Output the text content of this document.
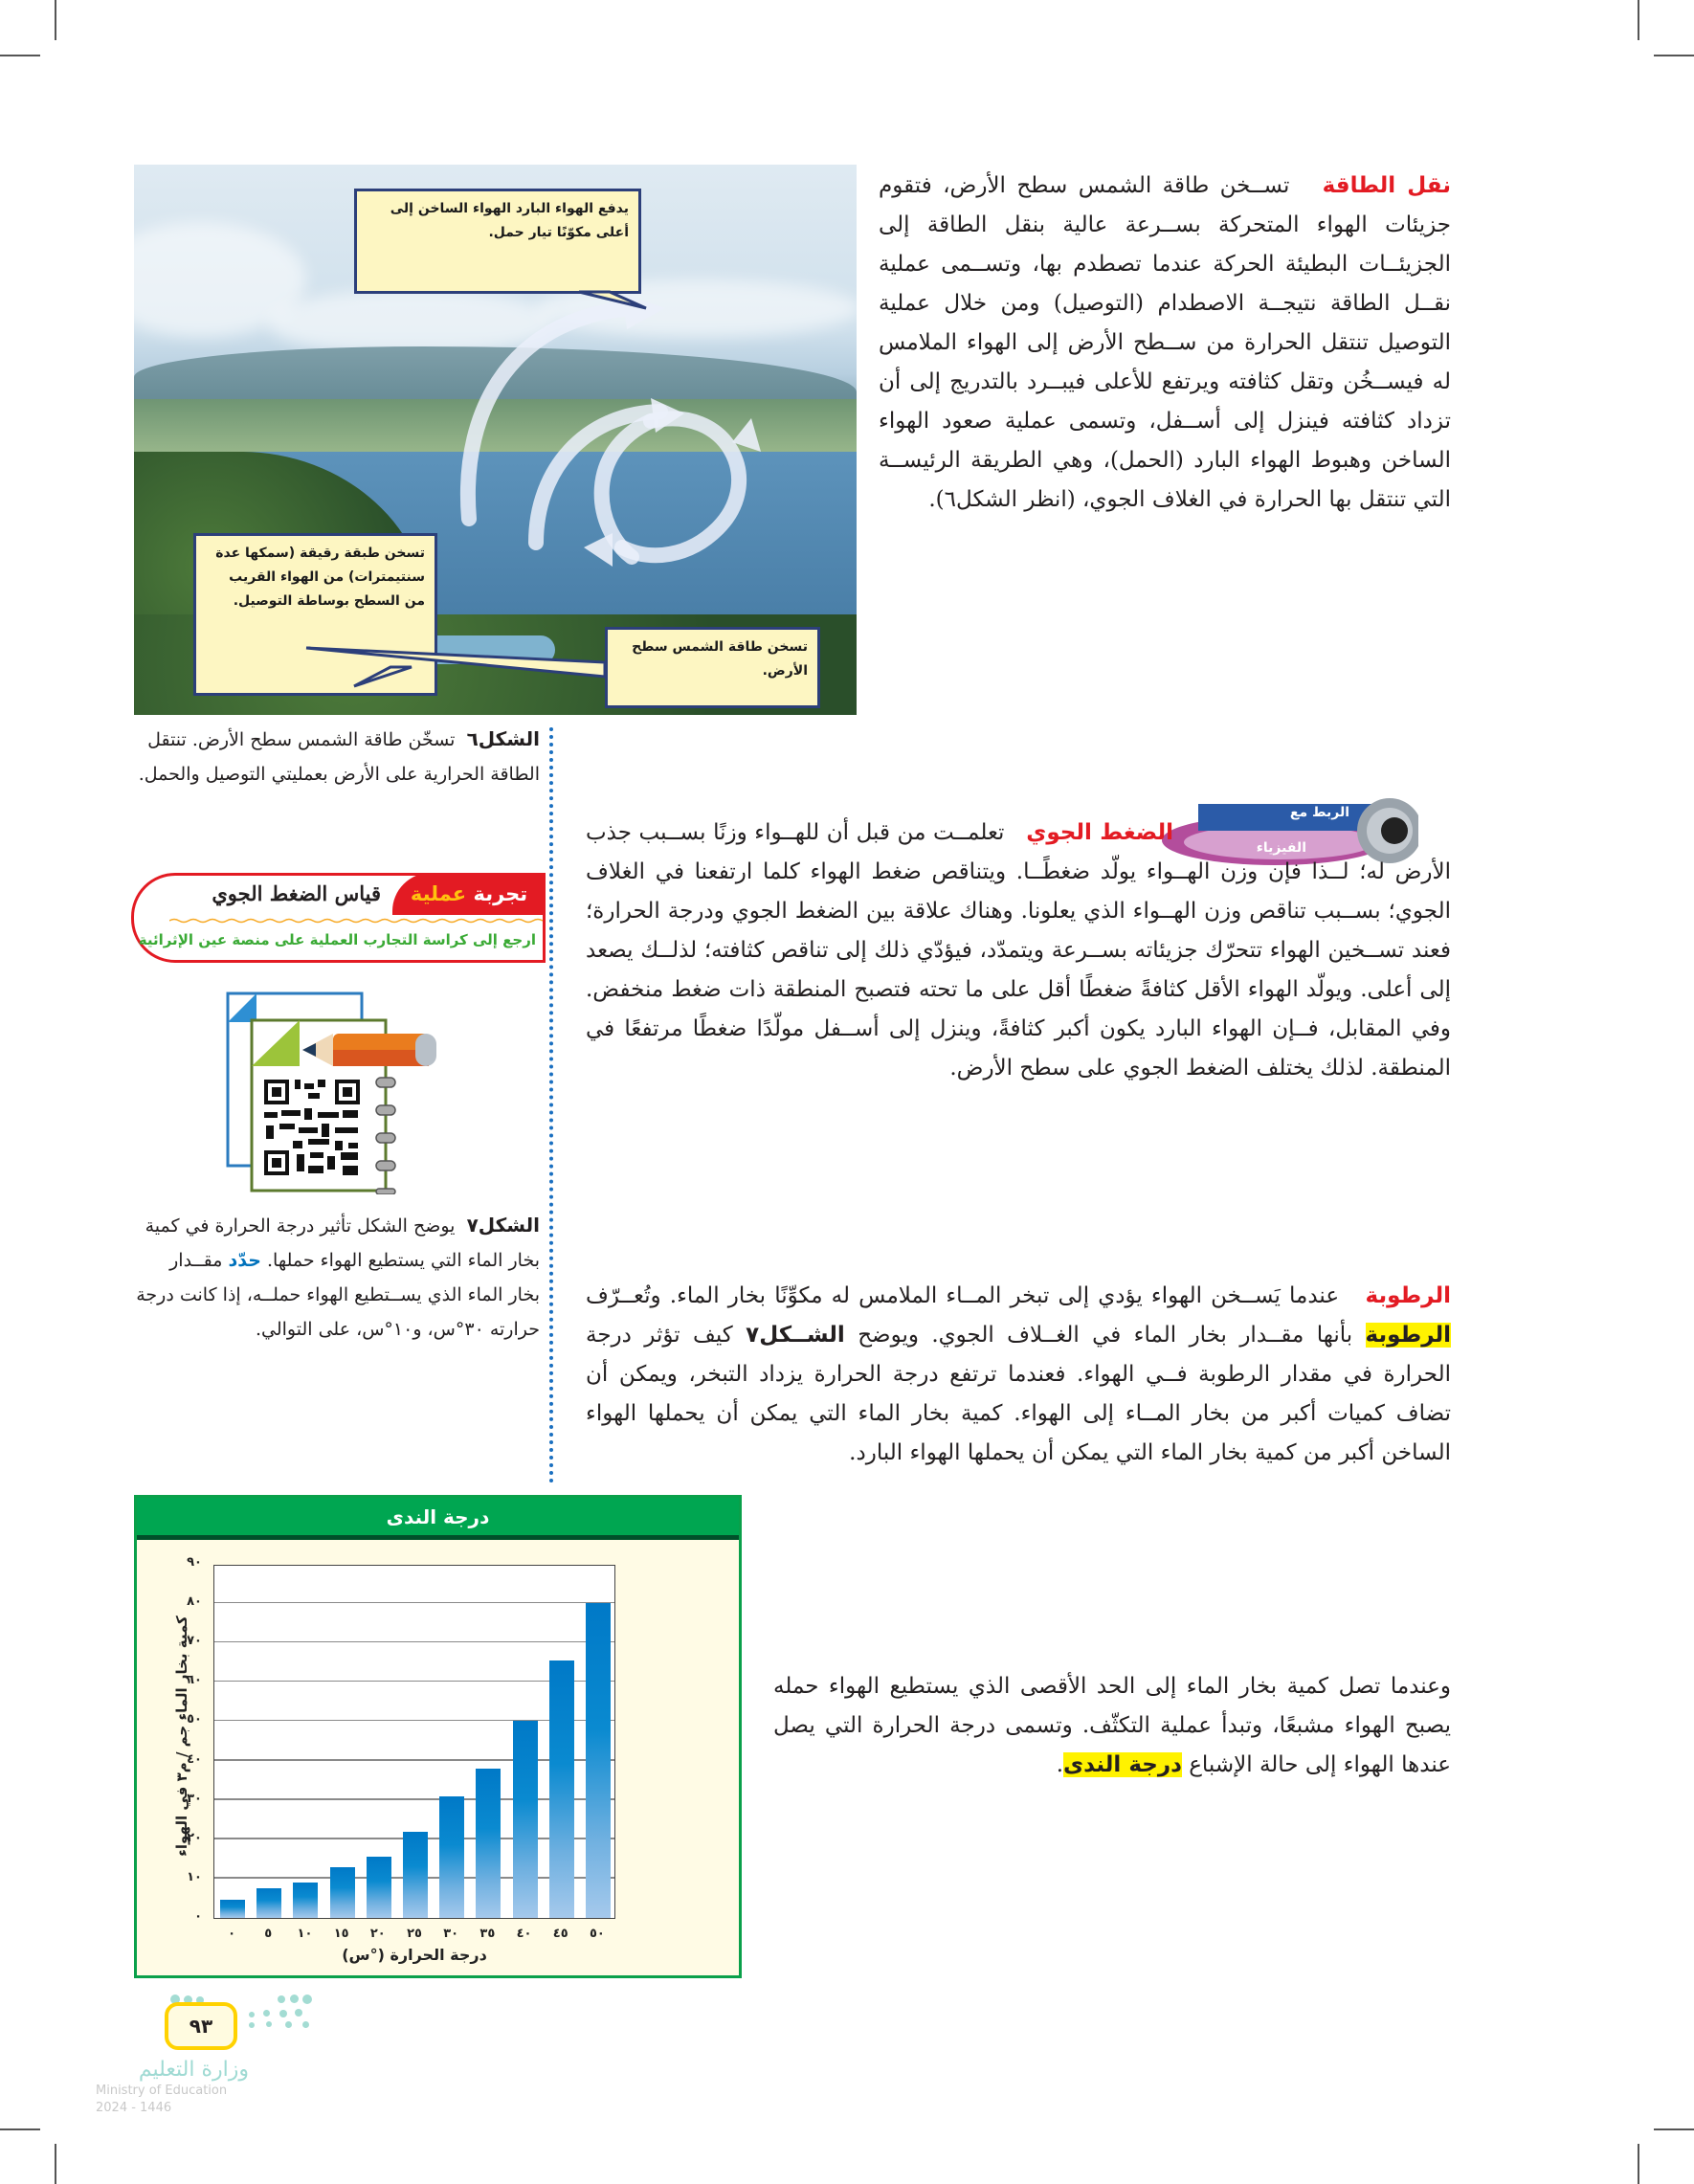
يدفع الهواء البارد الهواء الساخن إلى أعلى مكوّنًا تيار حمل.
تسخن طبقة رقيقة (سمكها عدة سنتيمترات) من الهواء القريب من السطح بوساطة التوصيل.
تسخن طاقة الشمس سطح الأرض.

نقل الطاقة   تســخن طاقة الشمس سطح الأرض، فتقوم جزيئات الهواء المتحركة بســرعة عالية بنقل الطاقة إلى الجزيئــات البطيئة الحركة عندما تصطدم بها، وتســمى عملية نقــل الطاقة نتيجــة الاصطدام (التوصيل) ومن خلال عملية التوصيل تنتقل الحرارة من ســطح الأرض إلى الهواء الملامس له فيســخُن وتقل كثافته ويرتفع للأعلى فيبــرد بالتدريج إلى أن تزداد كثافته فينزل إلى أســفل، وتسمى عملية صعود الهواء الساخن وهبوط الهواء البارد (الحمل)، وهي الطريقة الرئيســة التي تنتقل بها الحرارة في الغلاف الجوي، (انظر الشكل٦).

الشكل٦  تسخّن طاقة الشمس سطح الأرض. تنتقل الطاقة الحرارية على الأرض بعمليتي التوصيل والحمل.
تجربة عملية
قياس الضغط الجوي
ارجع إلى كراسة التجارب العملية على منصة عين الإثرائية
الربط مع
الفيزياء

الضغط الجوي   تعلمــت من قبل أن للهــواء وزنًا بســبب جذب الأرض له؛ لــذا فإن وزن الهــواء يولّد ضغطًــا. ويتناقص ضغط الهواء كلما ارتفعنا في الغلاف الجوي؛ بســبب تناقص وزن الهــواء الذي يعلونا. وهناك علاقة بين الضغط الجوي ودرجة الحرارة؛ فعند تســخين الهواء تتحرّك جزيئاته بســرعة ويتمدّد، فيؤدّي ذلك إلى تناقص كثافته؛ لذلــك يصعد إلى أعلى. ويولّد الهواء الأقل كثافةً ضغطًا أقل على ما تحته فتصبح المنطقة ذات ضغط منخفض. وفي المقابل، فــإن الهواء البارد يكون أكبر كثافةً، وينزل إلى أســفل مولّدًا ضغطًا مرتفعًا في المنطقة. لذلك يختلف الضغط الجوي على سطح الأرض.

الرطوبة   عندما يَســخن الهواء يؤدي إلى تبخر المــاء الملامس له مكوِّنًا بخار الماء. وتُعــرّف الرطوبة بأنها مقــدار بخار الماء في الغــلاف الجوي. ويوضح الشــكل٧ كيف تؤثر درجة الحرارة في مقدار الرطوبة فــي الهواء. فعندما ترتفع درجة الحرارة يزداد التبخر، ويمكن أن تضاف كميات أكبر من بخار المــاء إلى الهواء. كمية بخار الماء التي يمكن أن يحملها الهواء الساخن أكبر من كمية بخار الماء التي يمكن أن يحملها الهواء البارد.

وعندما تصل كمية بخار الماء إلى الحد الأقصى الذي يستطيع الهواء حمله يصبح الهواء مشبعًا، وتبدأ عملية التكثّف. وتسمى درجة الحرارة التي يصل عندها الهواء إلى حالة الإشباع درجة الندى.

الشكل٧  يوضح الشكل تأثير درجة الحرارة في كمية بخار الماء التي يستطيع الهواء حملها. حدّد مقــدار بخار الماء الذي يســتطيع الهواء حملــه، إذا كانت درجة حرارته ٣٠°س، و١٠°س، على التوالي.
درجة الندى
كمية بخار الماء جم / م٣ في الهواء
درجة الحرارة (°س)
٠	٥	١٠	١٥	٢٠	٢٥	٣٠	٣٥	٤٠	٤٥	٥٠
٠
١٠
٢٠
٣٠
٤٠
٥٠
٦٠
٧٠
٨٠
٩٠
٩٣
وزارة التعليم
Ministry of Education
2024 - 1446
